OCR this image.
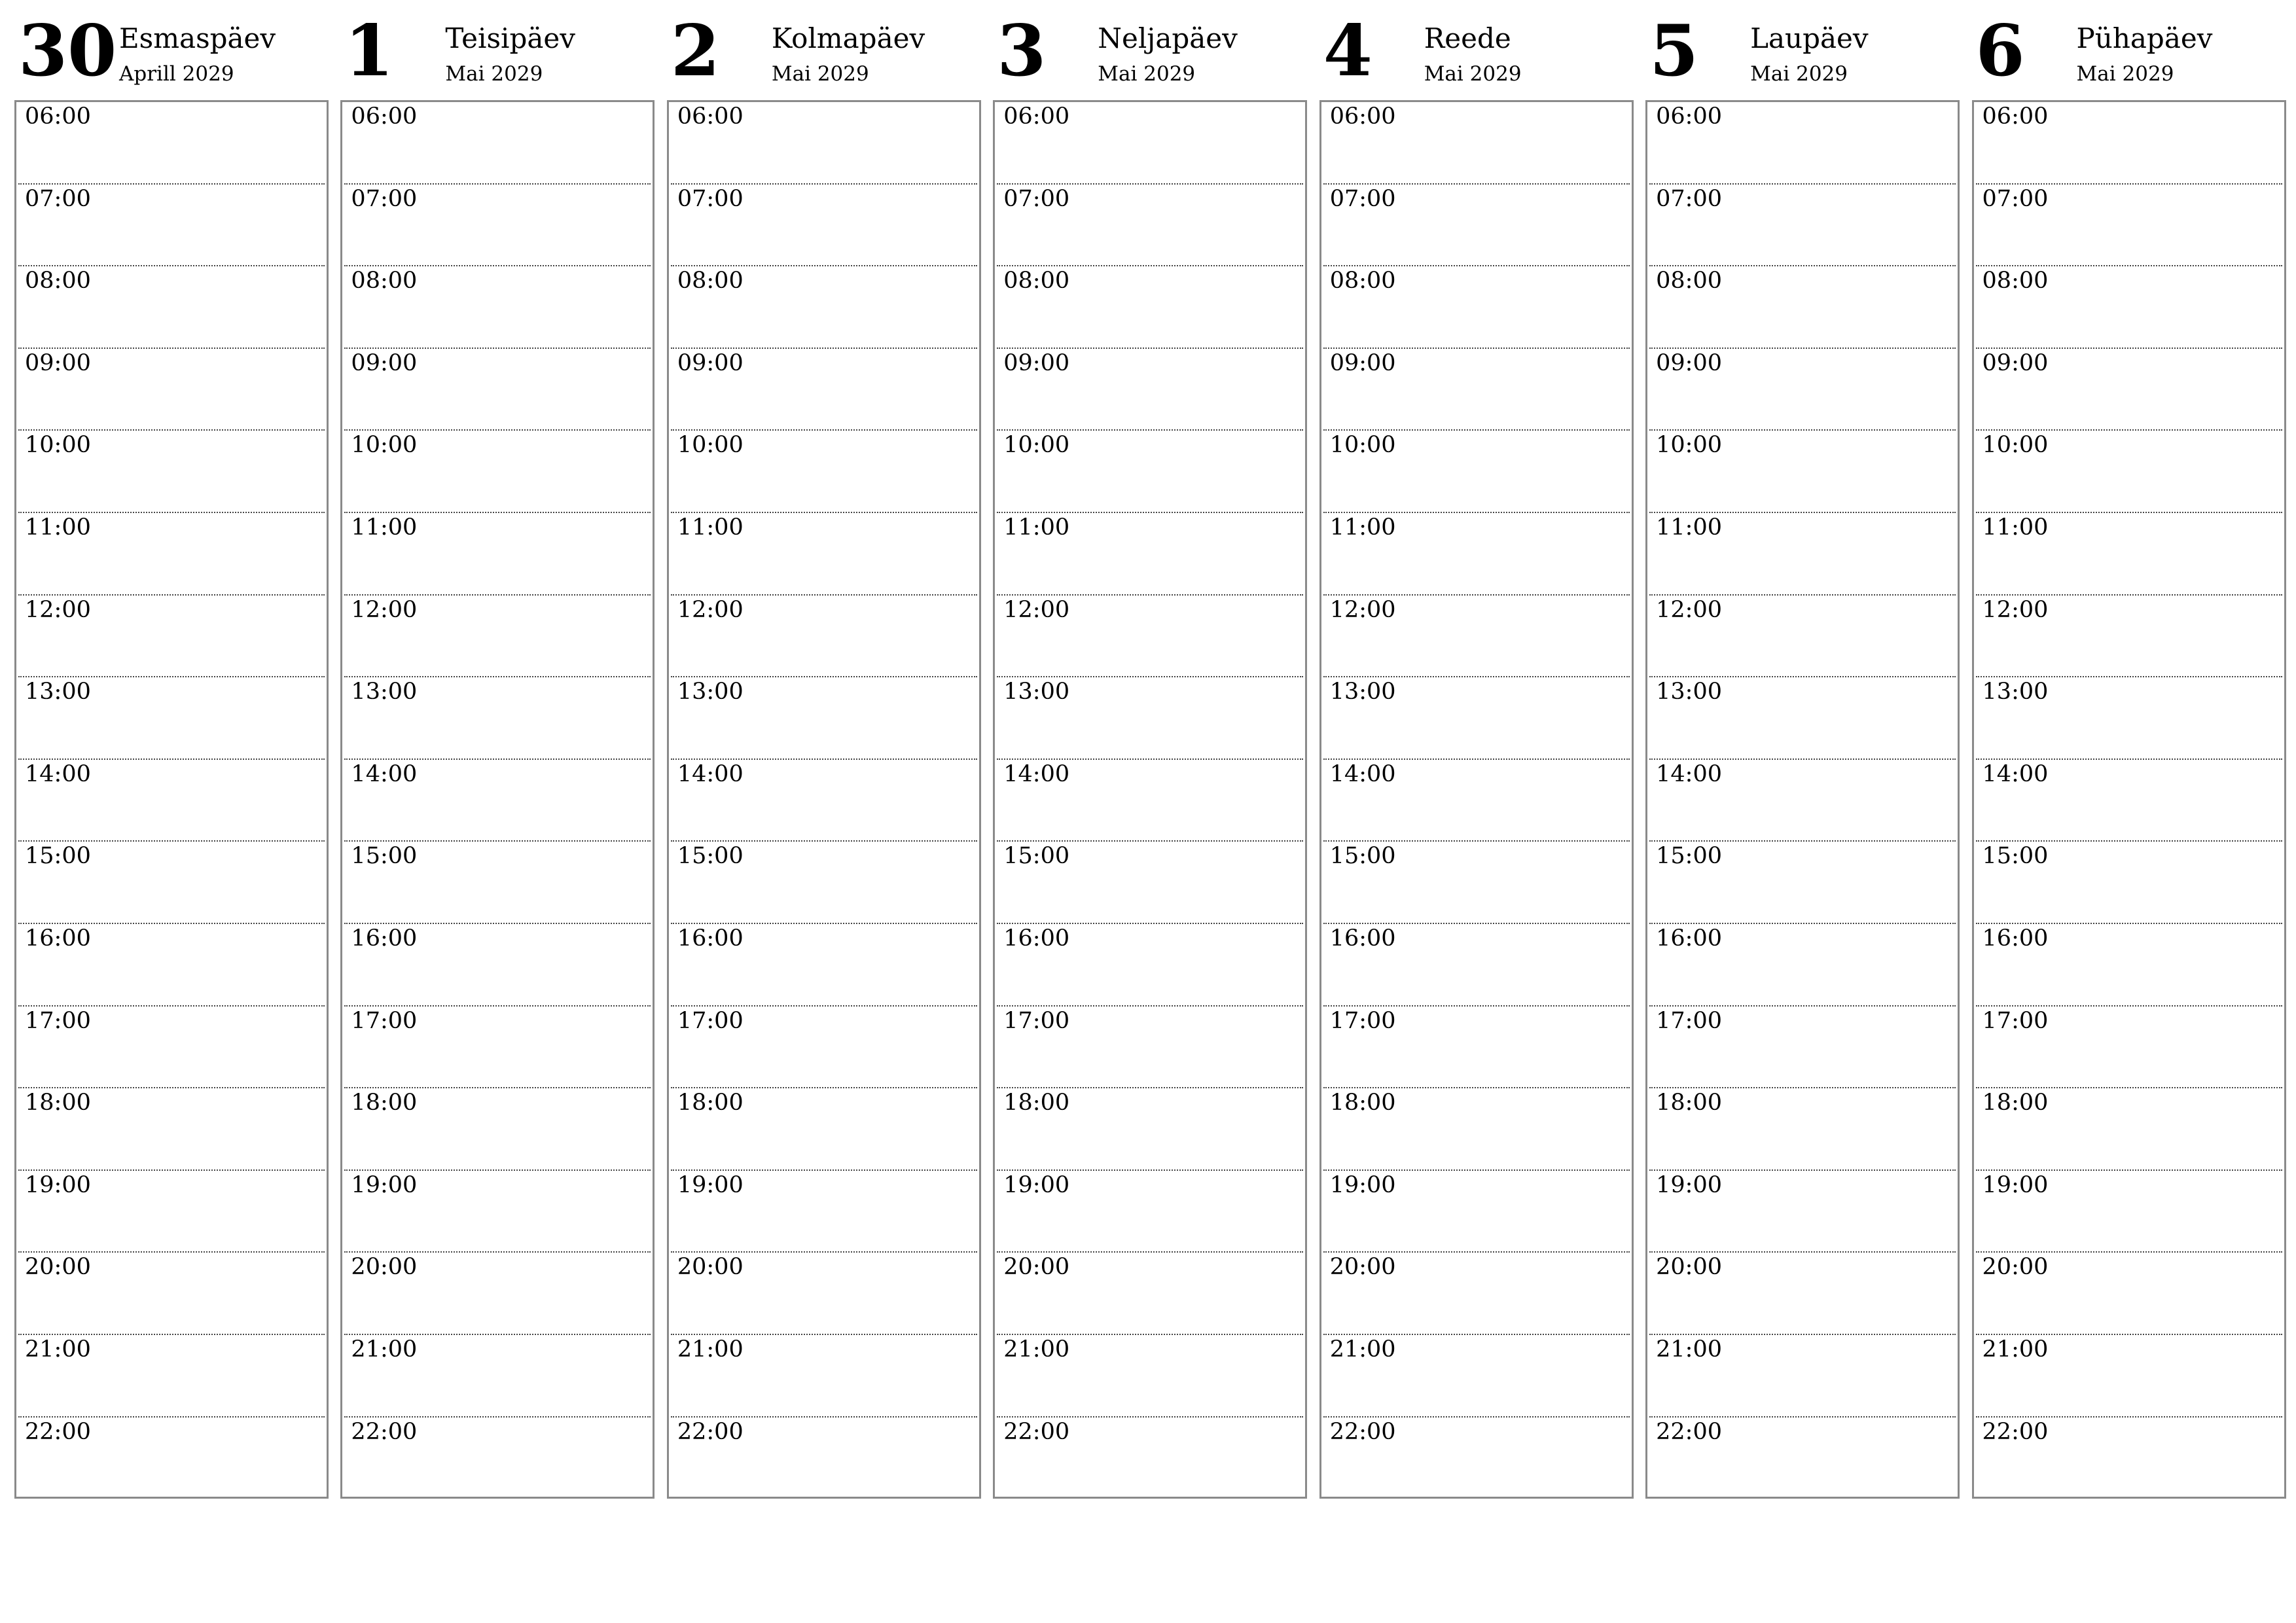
30 Esmaspäev
Aprill 2029
06:00
07:00
08:00
09:00
10:00
11:00
12:00
13:00
14:00
15:00
16:00
17:00
18:00
19:00
20:00
21:00
22:00
1 Teisipäev
Mai 2029
06:00
07:00
08:00
09:00
10:00
11:00
12:00
13:00
14:00
15:00
16:00
17:00
18:00
19:00
20:00
21:00
22:00
2 Kolmapäev
Mai 2029
06:00
07:00
08:00
09:00
10:00
11:00
12:00
13:00
14:00
15:00
16:00
17:00
18:00
19:00
20:00
21:00
22:00
3 Neljapäev
Mai 2029
06:00
07:00
08:00
09:00
10:00
11:00
12:00
13:00
14:00
15:00
16:00
17:00
18:00
19:00
20:00
21:00
22:00
4 Reede
Mai 2029
06:00
07:00
08:00
09:00
10:00
11:00
12:00
13:00
14:00
15:00
16:00
17:00
18:00
19:00
20:00
21:00
22:00
5 Laupäev
Mai 2029
06:00
07:00
08:00
09:00
10:00
11:00
12:00
13:00
14:00
15:00
16:00
17:00
18:00
19:00
20:00
21:00
22:00
6 Pühapäev
Mai 2029
06:00
07:00
08:00
09:00
10:00
11:00
12:00
13:00
14:00
15:00
16:00
17:00
18:00
19:00
20:00
21:00
22:00
